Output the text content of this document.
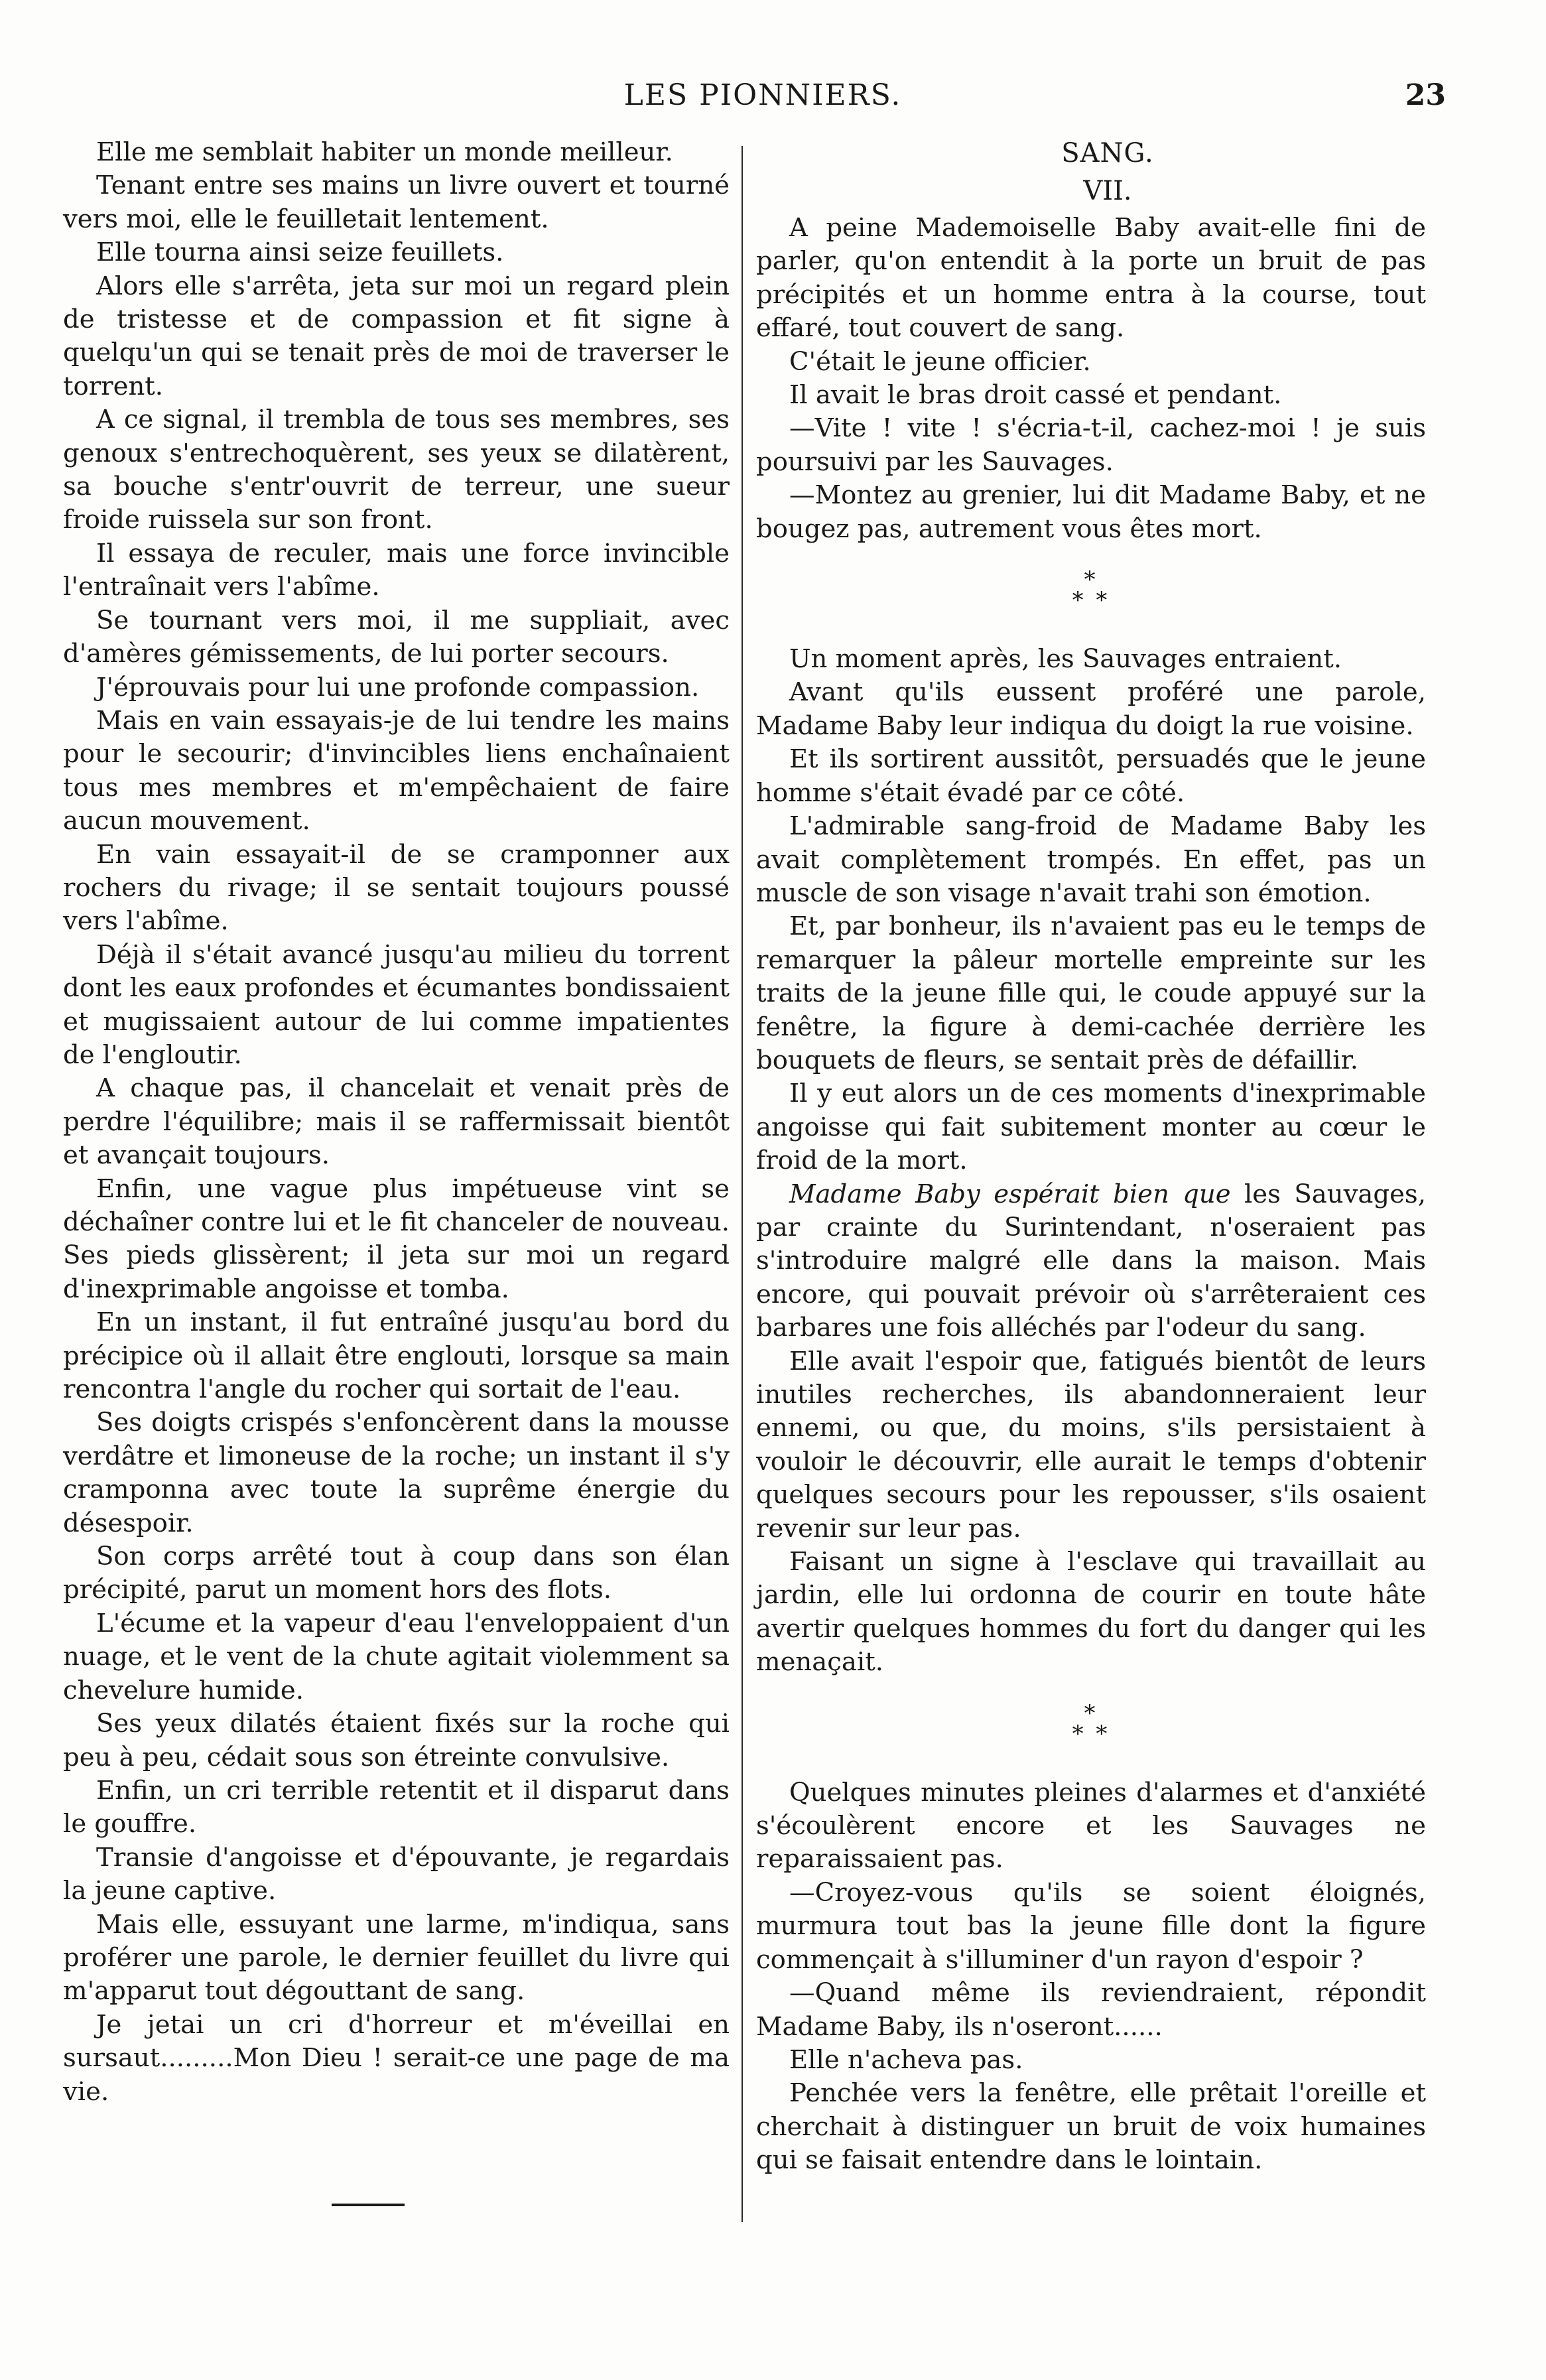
LES PIONNIERS.	23

Elle me semblait habiter un monde meilleur.

Tenant entre ses mains un livre ouvert et tourné vers moi, elle le feuilletait lentement.

Elle tourna ainsi seize feuillets.

Alors elle s'arrêta, jeta sur moi un regard plein de tristesse et de compassion et fit signe à quelqu'un qui se tenait près de moi de traverser le torrent.

A ce signal, il trembla de tous ses membres, ses genoux s'entrechoquèrent, ses yeux se dilatèrent, sa bouche s'entr'ouvrit de terreur, une sueur froide ruissela sur son front.

Il essaya de reculer, mais une force invincible l'entraînait vers l'abîme.

Se tournant vers moi, il me suppliait, avec d'amères gémissements, de lui porter secours.

J'éprouvais pour lui une profonde compassion.

Mais en vain essayais-je de lui tendre les mains pour le secourir; d'invincibles liens enchaînaient tous mes membres et m'empêchaient de faire aucun mouvement.

En vain essayait-il de se cramponner aux rochers du rivage; il se sentait toujours poussé vers l'abîme.

Déjà il s'était avancé jusqu'au milieu du torrent dont les eaux profondes et écumantes bondissaient et mugissaient autour de lui comme impatientes de l'engloutir.

A chaque pas, il chancelait et venait près de perdre l'équilibre; mais il se raffermissait bientôt et avançait toujours.

Enfin, une vague plus impétueuse vint se déchaîner contre lui et le fit chanceler de nouveau. Ses pieds glissèrent; il jeta sur moi un regard d'inexprimable angoisse et tomba.

En un instant, il fut entraîné jusqu'au bord du précipice où il allait être englouti, lorsque sa main rencontra l'angle du rocher qui sortait de l'eau.

Ses doigts crispés s'enfoncèrent dans la mousse verdâtre et limoneuse de la roche; un instant il s'y cramponna avec toute la suprême énergie du désespoir.

Son corps arrêté tout à coup dans son élan précipité, parut un moment hors des flots.

L'écume et la vapeur d'eau l'enveloppaient d'un nuage, et le vent de la chute agitait violemment sa chevelure humide.

Ses yeux dilatés étaient fixés sur la roche qui peu à peu, cédait sous son étreinte convulsive.

Enfin, un cri terrible retentit et il disparut dans le gouffre.

Transie d'angoisse et d'épouvante, je regardais la jeune captive.

Mais elle, essuyant une larme, m'indiqua, sans proférer une parole, le dernier feuillet du livre qui m'apparut tout dégouttant de sang.

Je jetai un cri d'horreur et m'éveillai en sursaut.........Mon Dieu ! serait-ce une page de ma vie.

SANG.

VII.

A peine Mademoiselle Baby avait-elle fini de parler, qu'on entendit à la porte un bruit de pas précipités et un homme entra à la course, tout effaré, tout couvert de sang.

C'était le jeune officier.

Il avait le bras droit cassé et pendant.

—Vite ! vite ! s'écria-t-il, cachez-moi ! je suis poursuivi par les Sauvages.

—Montez au grenier, lui dit Madame Baby, et ne bougez pas, autrement vous êtes mort.

*
* *

Un moment après, les Sauvages entraient.

Avant qu'ils eussent proféré une parole, Madame Baby leur indiqua du doigt la rue voisine.

Et ils sortirent aussitôt, persuadés que le jeune homme s'était évadé par ce côté.

L'admirable sang-froid de Madame Baby les avait complètement trompés. En effet, pas un muscle de son visage n'avait trahi son émotion.

Et, par bonheur, ils n'avaient pas eu le temps de remarquer la pâleur mortelle empreinte sur les traits de la jeune fille qui, le coude appuyé sur la fenêtre, la figure à demi-cachée derrière les bouquets de fleurs, se sentait près de défaillir.

Il y eut alors un de ces moments d'inexprimable angoisse qui fait subitement monter au cœur le froid de la mort.

Madame Baby espérait bien que les Sauvages, par crainte du Surintendant, n'oseraient pas s'introduire malgré elle dans la maison. Mais encore, qui pouvait prévoir où s'arrêteraient ces barbares une fois alléchés par l'odeur du sang.

Elle avait l'espoir que, fatigués bientôt de leurs inutiles recherches, ils abandonneraient leur ennemi, ou que, du moins, s'ils persistaient à vouloir le découvrir, elle aurait le temps d'obtenir quelques secours pour les repousser, s'ils osaient revenir sur leur pas.

Faisant un signe à l'esclave qui travaillait au jardin, elle lui ordonna de courir en toute hâte avertir quelques hommes du fort du danger qui les menaçait.

*
* *

Quelques minutes pleines d'alarmes et d'anxiété s'écoulèrent encore et les Sauvages ne reparaissaient pas.

—Croyez-vous qu'ils se soient éloignés, murmura tout bas la jeune fille dont la figure commençait à s'illuminer d'un rayon d'espoir ?

—Quand même ils reviendraient, répondit Madame Baby, ils n'oseront......

Elle n'acheva pas.

Penchée vers la fenêtre, elle prêtait l'oreille et cherchait à distinguer un bruit de voix humaines qui se faisait entendre dans le lointain.
